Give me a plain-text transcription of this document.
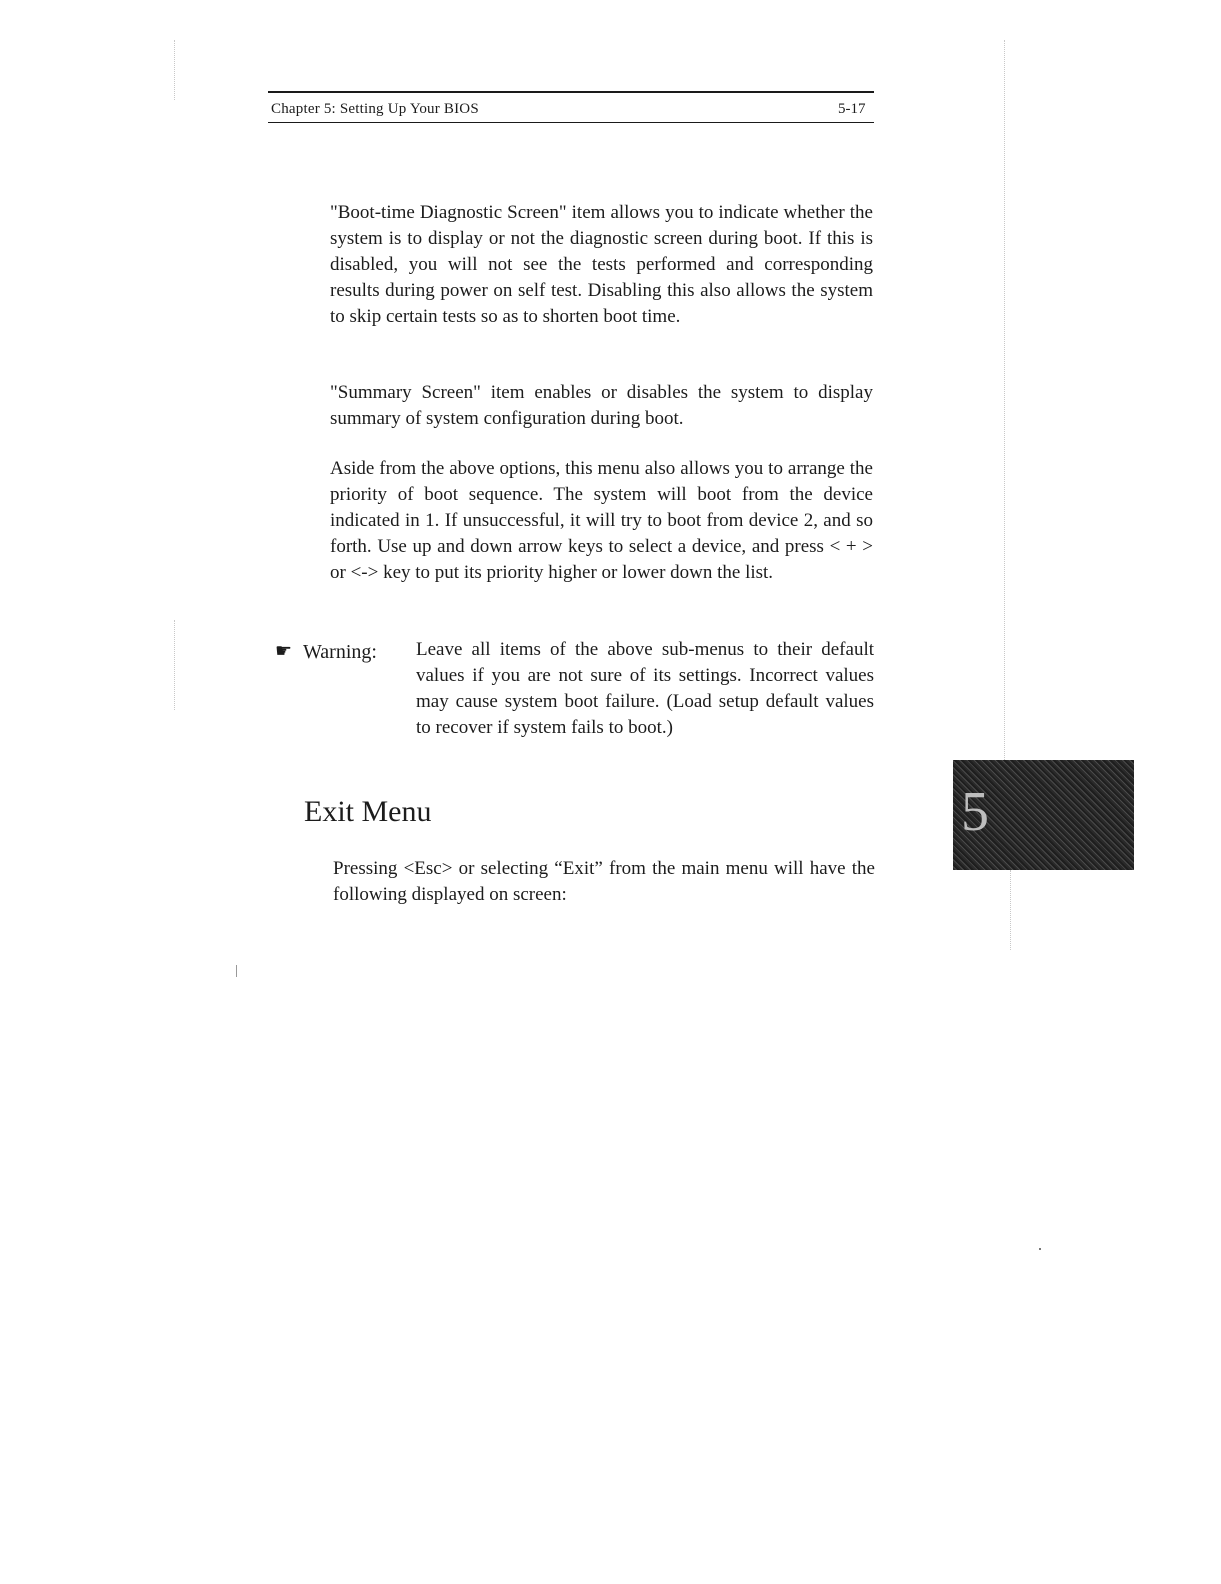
Chapter 5: Setting Up Your BIOS	5-17

"Boot-time Diagnostic Screen" item allows you to indicate whether the system is to display or not the diagnostic screen during boot. If this is disabled, you will not see the tests performed and corresponding results during power on self test. Disabling this also allows the system to skip certain tests so as to shorten boot time.

"Summary Screen" item enables or disables the system to display summary of system configuration during boot.

Aside from the above options, this menu also allows you to arrange the priority of boot sequence. The system will boot from the device indicated in 1. If unsuccessful, it will try to boot from device 2, and so forth. Use up and down arrow keys to select a device, and press < + > or <-> key to put its priority higher or lower down the list.

☛ Warning: Leave all items of the above sub-menus to their default values if you are not sure of its settings. Incorrect values may cause system boot failure. (Load setup default values to recover if system fails to boot.)

Exit Menu

Pressing <Esc> or selecting “Exit” from the main menu will have the following displayed on screen:

5
